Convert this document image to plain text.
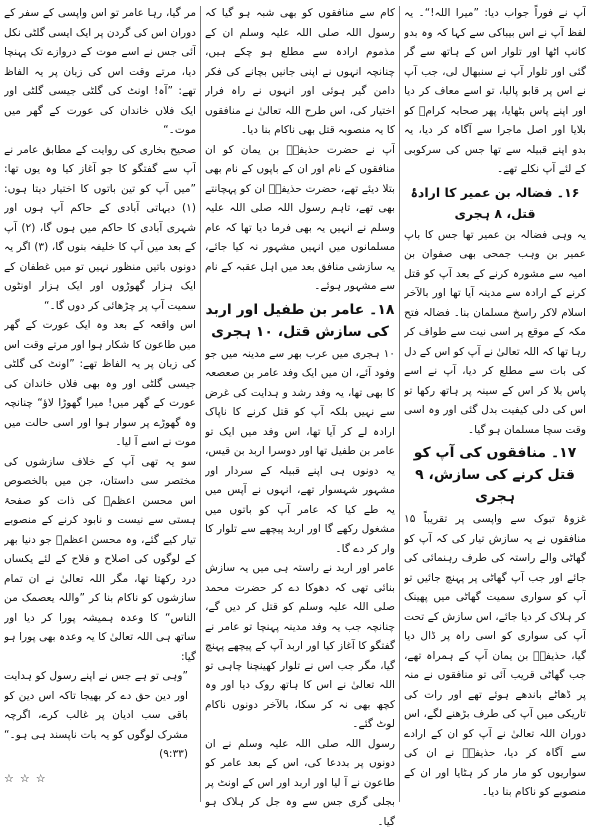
آپ نے فوراً جواب دیا: ”میرا اللہ!“۔ یہ لفظ آپ نے اس بیباکی سے کہا کہ وہ بدو کانپ اٹھا اور تلوار اس کے ہاتھ سے گر گئی اور تلوار آپ نے سنبھال لی، جب آپ نے اس پر قابو پالیا، تو اسے معاف کر دیا اور اپنے پاس بٹھایا، پھر صحابہ کرامؓ کو بلایا اور اصل ماجرا سے آگاہ کر دیا، یہ بدو اپنے قبیلہ سے تھا جس کی سرکوبی کے لئے آپ نکلے تھے۔

۱۶۔ فضالہ بن عمیر کا ارادۂ قتل، ۸ ہجری

یہ وہی فضالہ بن عمیر تھا جس کا باپ عمیر بن وہب جمحی بھی صفوان بن امیہ سے مشورہ کرنے کے بعد آپ کو قتل کرنے کے ارادہ سے مدینہ آیا تھا اور بالآخر اسلام لاکر راسخ مسلمان بنا۔ فضالہ فتح مکہ کے موقع پر اسی نیت سے طواف کر رہا تھا کہ اللہ تعالیٰ نے آپ کو اس کے دل کی بات سے مطلع کر دیا، آپ نے اسے پاس بلا کر اس کے سینہ پر ہاتھ رکھا تو اس کی دلی کیفیت بدل گئی اور وہ اسی وقت سچا مسلمان ہو گیا۔

۱۷۔ منافقوں کی آپ کو قتل کرنے کی سازش، ۹ ہجری

غزوۂ تبوک سے واپسی پر تقریباً ۱۵ منافقوں نے یہ سازش تیار کی کہ آپ کو گھاٹی والے راستہ کی طرف رہنمائی کی جائے اور جب آپ گھاٹی پر پہنچ جائیں تو آپ کو سواری سمیت گھاٹی میں پھینک کر ہلاک کر دیا جائے، اس سازش کے تحت آپ کی سواری کو اسی راہ پر ڈال دیا گیا، حذیفہؓ بن یمان آپ کے ہمراہ تھے، جب گھاٹی قریب آئی تو منافقوں نے منہ پر ڈھاٹے باندھے ہوئے تھے اور رات کی تاریکی میں آپ کی طرف بڑھنے لگے، اس دوران اللہ تعالیٰ نے آپ کو ان کے ارادے سے آگاہ کر دیا، حذیفہؓ نے ان کی سواریوں کو مار مار کر ہٹایا اور ان کے منصوبے کو ناکام بنا دیا۔

کام سے منافقوں کو بھی شبہ ہو گیا کہ رسول اللہ صلی اللہ علیہ وسلم ان کے مذموم ارادہ سے مطلع ہو چکے ہیں، چنانچہ انہوں نے اپنی جانیں بچانے کی فکر دامن گیر ہوئی اور انہوں نے راہ فرار اختیار کی، اس طرح اللہ تعالیٰ نے منافقوں کا یہ منصوبہ قتل بھی ناکام بنا دیا۔

آپ نے حضرت حذیفہؓ بن یمان کو ان منافقوں کے نام اور ان کے باپوں کے نام بھی بتلا دیئے تھے، حضرت حذیفہؓ ان کو پہچانتے بھی تھے، تاہم رسول اللہ صلی اللہ علیہ وسلم نے انہیں یہ بھی فرما دیا تھا کہ عام مسلمانوں میں انہیں مشہور نہ کیا جائے، یہ سازشی منافق بعد میں اہل عقبہ کے نام سے مشہور ہوئے۔

۱۸۔ عامر بن طفیل اور اربد کی سازش قتل، ۱۰ ہجری

۱۰ ہجری میں عرب بھر سے مدینہ میں جو وفود آئے، ان میں ایک وفد عامر بن صعصعہ کا بھی تھا، یہ وفد رشد و ہدایت کی غرض سے نہیں بلکہ آپ کو قتل کرنے کا ناپاک ارادہ لے کر آیا تھا، اس وفد میں ایک تو عامر بن طفیل تھا اور دوسرا اربد بن قیس، یہ دونوں ہی اپنے قبیلہ کے سردار اور مشہور شہسوار تھے، انہوں نے آپس میں یہ طے کیا کہ عامر آپ کو باتوں میں مشغول رکھے گا اور اربد پیچھے سے تلوار کا وار کر دے گا۔

عامر اور اربد نے راستہ ہی میں یہ سازش بنائی تھی کہ دھوکا دے کر حضرت محمد صلی اللہ علیہ وسلم کو قتل کر دیں گے، چنانچہ جب یہ وفد مدینہ پہنچا تو عامر نے گفتگو کا آغاز کیا اور اربد آپ کے پیچھے پہنچ گیا، مگر جب اس نے تلوار کھینچنا چاہی تو اللہ تعالیٰ نے اس کا ہاتھ روک دیا اور وہ کچھ بھی نہ کر سکا، بالآخر دونوں ناکام لوٹ گئے۔

رسول اللہ صلی اللہ علیہ وسلم نے ان دونوں پر بددعا کی، اس کے بعد عامر کو طاعون نے آ لیا اور اربد اور اس کے اونٹ پر بجلی گری جس سے وہ جل کر ہلاک ہو گیا۔

مر گیا، رہا عامر تو اس واپسی کے سفر کے دوران اس کی گردن پر ایک ایسی گلٹی نکل آئی جس نے اسے موت کے دروازے تک پہنچا دیا، مرتے وقت اس کی زبان پر یہ الفاظ تھے: ”آہ! اونٹ کی گلٹی جیسی گلٹی اور ایک فلاں خاندان کی عورت کے گھر میں موت۔“

صحیح بخاری کی روایت کے مطابق عامر نے آپ سے گفتگو کا جو آغاز کیا وہ یوں تھا: ”میں آپ کو تین باتوں کا اختیار دیتا ہوں: (۱) دیہاتی آبادی کے حاکم آپ ہوں اور شہری آبادی کا حاکم میں ہوں گا، (۲) آپ کے بعد میں آپ کا خلیفہ بنوں گا، (۳) اگر یہ دونوں باتیں منظور نہیں تو میں غطفان کے ایک ہزار گھوڑوں اور ایک ہزار اونٹوں سمیت آپ پر چڑھائی کر دوں گا۔“

اس واقعہ کے بعد وہ ایک عورت کے گھر میں طاعون کا شکار ہوا اور مرتے وقت اس کی زبان پر یہ الفاظ تھے: ”اونٹ کی گلٹی جیسی گلٹی اور وہ بھی فلاں خاندان کی عورت کے گھر میں! میرا گھوڑا لاؤ“ چنانچہ وہ گھوڑے پر سوار ہوا اور اسی حالت میں موت نے اسے آ لیا۔

سو یہ تھی آپ کے خلاف سازشوں کی مختصر سی داستان، جن میں بالخصوص اس محسن اعظمؐ کی ذات کو صفحۂ ہستی سے نیست و نابود کرنے کے منصوبے تیار کیے گئے، وہ محسن اعظمؐ جو دنیا بھر کے لوگوں کی اصلاح و فلاح کے لئے یکساں درد رکھتا تھا، مگر اللہ تعالیٰ نے ان تمام سازشوں کو ناکام بنا کر ”واللہ یعصمک من الناس“ کا وعدہ ہمیشہ پورا کر دیا اور ساتھ ہی اللہ تعالیٰ کا یہ وعدہ بھی پورا ہو گیا:

”وہی تو ہے جس نے اپنے رسول کو ہدایت اور دین حق دے کر بھیجا تاکہ اس دین کو باقی سب ادیان پر غالب کرے، اگرچہ مشرک لوگوں کو یہ بات ناپسند ہی ہو۔“ (۹:۳۳)

☆☆☆
